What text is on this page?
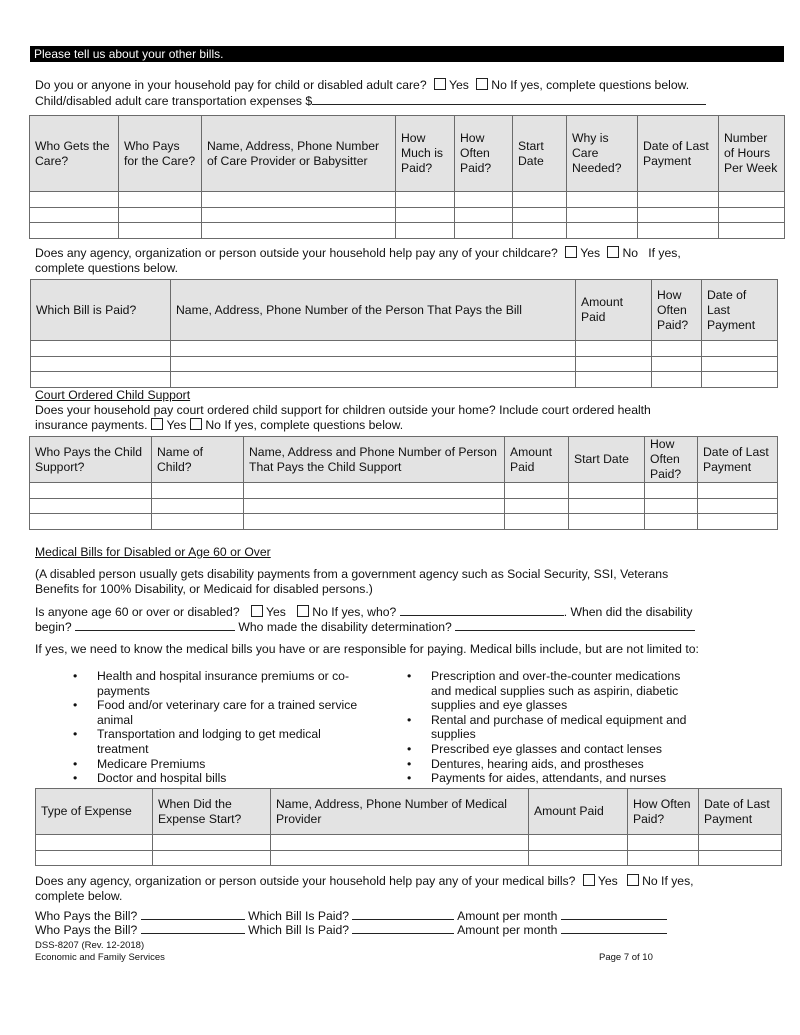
Please tell us about your other bills.
Do you or anyone in your household pay for child or disabled adult care? Yes No If yes, complete questions below.
Child/disabled adult care transportation expenses $
Who Gets the Care?	Who Pays for the Care?	Name, Address, Phone Number of Care Provider or Babysitter	How Much is Paid?	How Often Paid?	Start Date	Why is Care Needed?	Date of Last Payment	Number of Hours Per Week

Does any agency, organization or person outside your household help pay any of your childcare? Yes No If yes,
complete questions below.
Which Bill is Paid?	Name, Address, Phone Number of the Person That Pays the Bill	Amount Paid	How Often Paid?	Date of Last Payment

Court Ordered Child Support
Does your household pay court ordered child support for children outside your home? Include court ordered health
insurance payments. Yes No If yes, complete questions below.
Who Pays the Child Support?	Name of Child?	Name, Address and Phone Number of Person That Pays the Child Support	Amount Paid	Start Date	How Often Paid?	Date of Last Payment

Medical Bills for Disabled or Age 60 or Over
(A disabled person usually gets disability payments from a government agency such as Social Security, SSI, Veterans
Benefits for 100% Disability, or Medicaid for disabled persons.)
Is anyone age 60 or over or disabled? Yes No If yes, who?	. When did the disability
begin?	Who made the disability determination?
If yes, we need to know the medical bills you have or are responsible for paying. Medical bills include, but are not limited to:
• Health and hospital insurance premiums or co-
payments
• Food and/or veterinary care for a trained service
animal
• Transportation and lodging to get medical
treatment
• Medicare Premiums
• Doctor and hospital bills
• Prescription and over-the-counter medications
and medical supplies such as aspirin, diabetic
supplies and eye glasses
• Rental and purchase of medical equipment and
supplies
• Prescribed eye glasses and contact lenses
• Dentures, hearing aids, and prostheses
• Payments for aides, attendants, and nurses
Type of Expense	When Did the Expense Start?	Name, Address, Phone Number of Medical Provider	Amount Paid	How Often Paid?	Date of Last Payment

Does any agency, organization or person outside your household help pay any of your medical bills? Yes No If yes,
complete below.
Who Pays the Bill?	Which Bill Is Paid?	Amount per month
Who Pays the Bill?	Which Bill Is Paid?	Amount per month
DSS-8207 (Rev. 12-2018)
Economic and Family Services	Page 7 of 10
